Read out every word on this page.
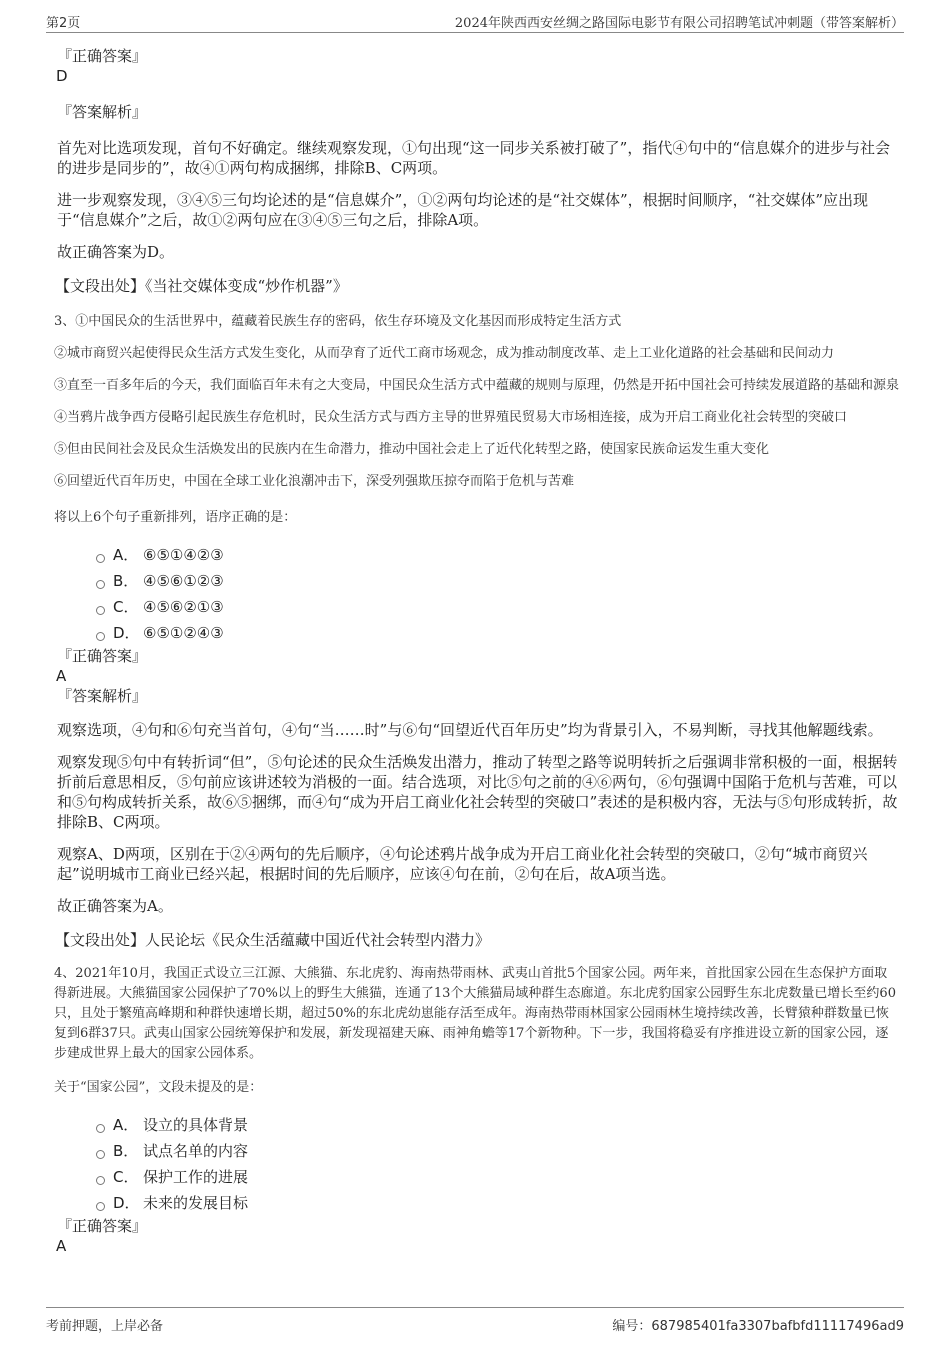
第2页	2024年陕西西安丝绸之路国际电影节有限公司招聘笔试冲刺题（带答案解析）
『正确答案』
D
『答案解析』
首先对比选项发现，首句不好确定。继续观察发现，①句出现“这一同步关系被打破了”，指代④句中的“信息媒介的进步与社会的进步是同步的”，故④①两句构成捆绑，排除B、C两项。
进一步观察发现，③④⑤三句均论述的是“信息媒介”，①②两句均论述的是“社交媒体”，根据时间顺序，“社交媒体”应出现于“信息媒介”之后，故①②两句应在③④⑤三句之后，排除A项。
故正确答案为D。
【文段出处】《当社交媒体变成“炒作机器”》
3、①中国民众的生活世界中，蕴藏着民族生存的密码，依生存环境及文化基因而形成特定生活方式
②城市商贸兴起使得民众生活方式发生变化，从而孕育了近代工商市场观念，成为推动制度改革、走上工业化道路的社会基础和民间动力
③直至一百多年后的今天，我们面临百年未有之大变局，中国民众生活方式中蕴藏的规则与原理，仍然是开拓中国社会可持续发展道路的基础和源泉
④当鸦片战争西方侵略引起民族生存危机时，民众生活方式与西方主导的世界殖民贸易大市场相连接，成为开启工商业化社会转型的突破口
⑤但由民间社会及民众生活焕发出的民族内在生命潜力，推动中国社会走上了近代化转型之路，使国家民族命运发生重大变化
⑥回望近代百年历史，中国在全球工业化浪潮冲击下，深受列强欺压掠夺而陷于危机与苦难
将以上6个句子重新排列，语序正确的是：
A． ⑥⑤①④②③
B． ④⑤⑥①②③
C． ④⑤⑥②①③
D． ⑥⑤①②④③
『正确答案』
A
『答案解析』
观察选项，④句和⑥句充当首句，④句“当……时”与⑥句“回望近代百年历史”均为背景引入，不易判断，寻找其他解题线索。
观察发现⑤句中有转折词“但”，⑤句论述的民众生活焕发出潜力，推动了转型之路等说明转折之后强调非常积极的一面，根据转折前后意思相反，⑤句前应该讲述较为消极的一面。结合选项，对比⑤句之前的④⑥两句，⑥句强调中国陷于危机与苦难，可以和⑤句构成转折关系，故⑥⑤捆绑，而④句“成为开启工商业化社会转型的突破口”表述的是积极内容，无法与⑤句形成转折，故排除B、C两项。
观察A、D两项，区别在于②④两句的先后顺序，④句论述鸦片战争成为开启工商业化社会转型的突破口，②句“城市商贸兴起”说明城市工商业已经兴起，根据时间的先后顺序，应该④句在前，②句在后，故A项当选。
故正确答案为A。
【文段出处】人民论坛《民众生活蕴藏中国近代社会转型内潜力》
4、2021年10月，我国正式设立三江源、大熊猫、东北虎豹、海南热带雨林、武夷山首批5个国家公园。两年来，首批国家公园在生态保护方面取得新进展。大熊猫国家公园保护了70%以上的野生大熊猫，连通了13个大熊猫局域种群生态廊道。东北虎豹国家公园野生东北虎数量已增长至约60只，且处于繁殖高峰期和种群快速增长期，超过50%的东北虎幼崽能存活至成年。海南热带雨林国家公园雨林生境持续改善，长臂猿种群数量已恢复到6群37只。武夷山国家公园统筹保护和发展，新发现福建天麻、雨神角蟾等17个新物种。下一步，我国将稳妥有序推进设立新的国家公园，逐步建成世界上最大的国家公园体系。
关于“国家公园”，文段未提及的是：
A． 设立的具体背景
B． 试点名单的内容
C． 保护工作的进展
D． 未来的发展目标
『正确答案』
A
考前押题，上岸必备	编号：687985401fa3307bafbfd11117496ad9
